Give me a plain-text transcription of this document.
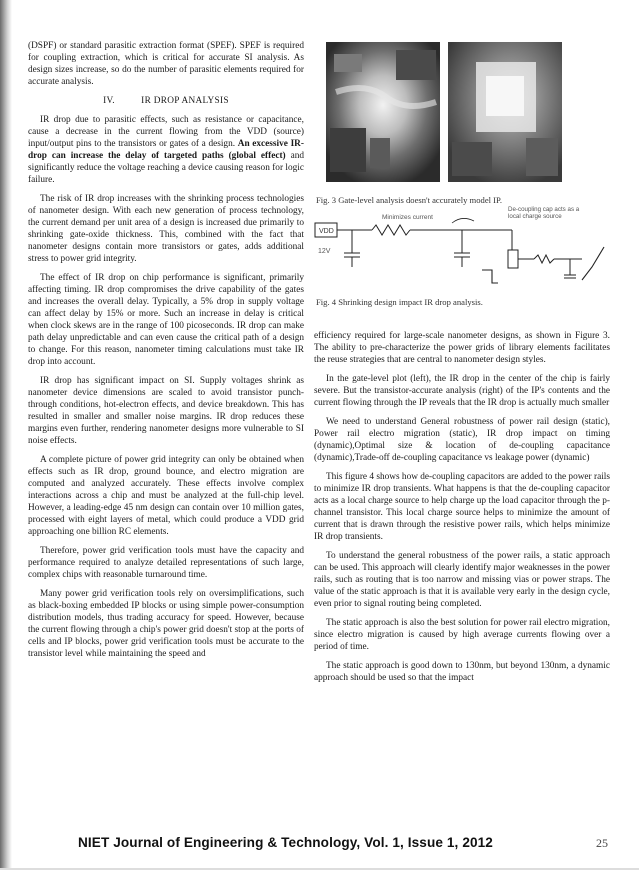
(DSPF) or standard parasitic extraction format (SPEF). SPEF is required for coupling extraction, which is critical for accurate SI analysis. As design sizes increase, so do the number of parasitic elements required for accurate analysis.

IV.	IR DROP ANALYSIS

IR drop due to parasitic effects, such as resistance or capacitance, cause a decrease in the current flowing from the VDD (source) input/output pins to the transistors or gates of a design. An excessive IR-drop can increase the delay of targeted paths (global effect) and significantly reduce the voltage reaching a device causing reason for logic failure.

The risk of IR drop increases with the shrinking process technologies of nanometer design. With each new generation of process technology, the current demand per unit area of a design is increased due primarily to shrinking gate-oxide thickness. This, combined with the fact that nanometer designs contain more transistors or gates, adds additional stress to power grid integrity.

The effect of IR drop on chip performance is significant, primarily affecting timing. IR drop compromises the drive capability of the gates and increases the overall delay. Typically, a 5% drop in supply voltage can affect delay by 15% or more. Such an increase in delay is critical when clock skews are in the range of 100 picoseconds. IR drop can make path delay unpredictable and can even cause the critical path of a design to change. For this reason, nanometer timing calculations must take IR drop into account.

IR drop has significant impact on SI. Supply voltages shrink as nanometer device dimensions are scaled to avoid transistor punch-through conditions, hot-electron effects, and device breakdown. This has resulted in smaller and smaller noise margins. IR drop reduces these margins even further, rendering nanometer designs more vulnerable to SI noise effects.

A complete picture of power grid integrity can only be obtained when effects such as IR drop, ground bounce, and electro migration are computed and analyzed accurately. These effects involve complex interactions across a chip and must be analyzed at the full-chip level. However, a leading-edge 45 nm design can contain over 10 million gates, processed with eight layers of metal, which could produce a VDD grid approaching one billion RC elements.

Therefore, power grid verification tools must have the capacity and performance required to analyze detailed representations of such large, complex chips with reasonable turnaround time.

Many power grid verification tools rely on oversimplifications, such as black-boxing embedded IP blocks or using simple power-consumption distribution models, thus trading accuracy for speed. However, because the current flowing through a chip's power grid doesn't stop at the ports of cells and IP blocks, power grid verification tools must be accurate to the transistor level while maintaining the speed and

Fig. 3 Gate-level analysis doesn't accurately model IP.
VDD
12V
Minimizes current
De-coupling cap acts as a
local charge source
Fig. 4 Shrinking design impact IR drop analysis.

efficiency required for large-scale nanometer designs, as shown in Figure 3. The ability to pre-characterize the power grids of library elements facilitates the reuse strategies that are central to nanometer design styles.

In the gate-level plot (left), the IR drop in the center of the chip is fairly severe. But the transistor-accurate analysis (right) of the IP's contents and the current flowing through the IP reveals that the IR drop is actually much smaller

We need to understand General robustness of power rail design (static), Power rail electro migration (static), IR drop impact on timing (dynamic),Optimal size & location of de-coupling capacitance (dynamic),Trade-off de-coupling capacitance vs leakage power (dynamic)

This figure 4 shows how de-coupling capacitors are added to the power rails to minimize IR drop transients. What happens is that the de-coupling capacitor acts as a local charge source to help charge up the load capacitor through the p-channel transistor. This local charge source helps to minimize the amount of current that is drawn through the resistive power rails, which helps minimize IR drop transients.

To understand the general robustness of the power rails, a static approach can be used. This approach will clearly identify major weaknesses in the power rails, such as routing that is too narrow and missing vias or power straps. The value of the static approach is that it is available very early in the design cycle, even prior to signal routing being completed.

The static approach is also the best solution for power rail electro migration, since electro migration is caused by high average currents flowing over a period of time.

The static approach is good down to 130nm, but beyond 130nm, a dynamic approach should be used so that the impact

NIET Journal of Engineering & Technology, Vol. 1, Issue 1, 2012	25
